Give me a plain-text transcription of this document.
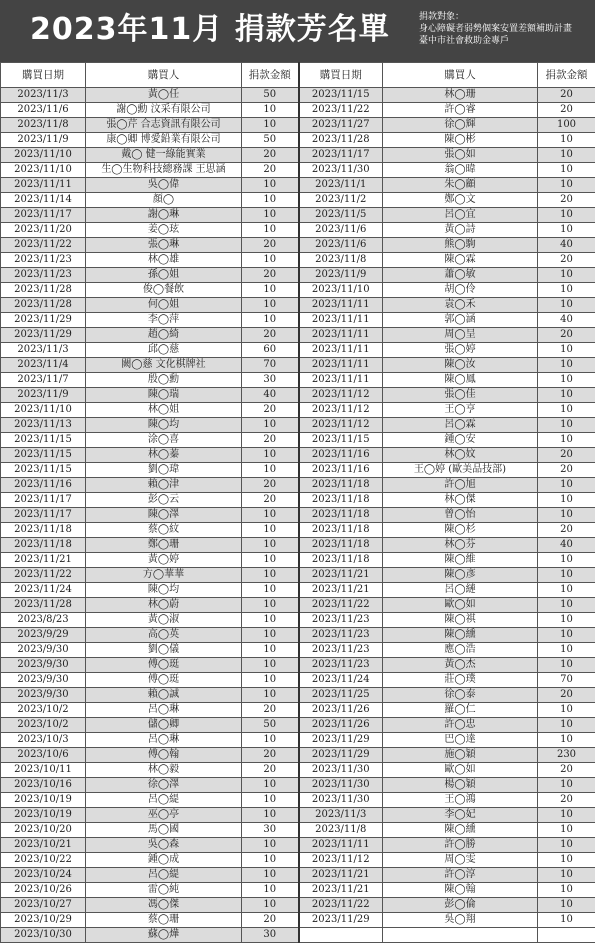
2023年11月 捐款芳名單	捐款對象：
身心障礙者弱勢個案安置差額補助計畫
臺中市社會救助金專戶
購買日期	購買人	捐款金額	購買日期	購買人	捐款金額
2023/11/3	黃◯任	50	2023/11/15	林◯珊	20
2023/11/6	謝◯勳 汶采有限公司	10	2023/11/22	許◯睿	20
2023/11/8	張◯芹 合志資訊有限公司	10	2023/11/27	徐◯輝	100
2023/11/9	康◯卿 博愛鉛業有限公司	50	2023/11/28	陳◯彬	10
2023/11/10	戴◯ 健一綠能實業	20	2023/11/17	張◯如	10
2023/11/10	生◯生物科技總務課 王思涵	20	2023/11/30	翁◯暐	10
2023/11/11	吳◯偉	10	2023/11/1	朱◯顧	10
2023/11/14	顏◯	10	2023/11/2	鄭◯文	20
2023/11/17	謝◯琳	10	2023/11/5	呂◯宜	10
2023/11/20	姜◯玹	10	2023/11/6	黃◯詩	10
2023/11/22	張◯琳	20	2023/11/6	熊◯駒	40
2023/11/23	林◯雄	10	2023/11/8	陳◯霖	20
2023/11/23	孫◯姐	20	2023/11/9	蕭◯敏	10
2023/11/28	俊◯餐飲	10	2023/11/10	胡◯伶	10
2023/11/28	何◯姐	10	2023/11/11	袁◯禾	10
2023/11/29	李◯萍	10	2023/11/11	郭◯涵	40
2023/11/29	趙◯綺	20	2023/11/11	周◯呈	20
2023/11/3	邱◯慈	60	2023/11/11	張◯婷	10
2023/11/4	闕◯慈 文化棋牌社	70	2023/11/11	陳◯汝	10
2023/11/7	殷◯勳	30	2023/11/11	陳◯鳳	10
2023/11/9	陳◯瑞	40	2023/11/12	張◯佳	10
2023/11/10	林◯姐	20	2023/11/12	王◯亨	10
2023/11/13	陳◯均	10	2023/11/12	呂◯霖	10
2023/11/15	涂◯喜	20	2023/11/15	鍾◯安	10
2023/11/15	林◯蓁	10	2023/11/16	林◯妏	20
2023/11/15	劉◯瑋	10	2023/11/16	王◯婷 (歐美品技部)	20
2023/11/16	賴◯津	20	2023/11/18	許◯旭	10
2023/11/17	彭◯云	20	2023/11/18	林◯傑	10
2023/11/17	陳◯澤	10	2023/11/18	曾◯怡	10
2023/11/18	蔡◯紋	10	2023/11/18	陳◯杉	20
2023/11/18	鄭◯珊	10	2023/11/18	林◯芬	40
2023/11/21	黃◯婷	10	2023/11/18	陳◯維	10
2023/11/22	方◯華華	10	2023/11/21	陳◯彥	10
2023/11/24	陳◯均	10	2023/11/21	呂◯縺	10
2023/11/28	林◯蔚	10	2023/11/22	歐◯如	10
2023/8/23	黃◯淑	10	2023/11/23	陳◯祺	10
2023/9/29	高◯英	10	2023/11/23	陳◯纁	10
2023/9/30	劉◯儀	10	2023/11/23	應◯浩	10
2023/9/30	傅◯珽	10	2023/11/23	黃◯杰	10
2023/9/30	傅◯珽	10	2023/11/24	莊◯璞	70
2023/9/30	賴◯誠	10	2023/11/25	徐◯泰	20
2023/10/2	呂◯琳	20	2023/11/26	羅◯仁	10
2023/10/2	儲◯卿	50	2023/11/26	許◯忠	10
2023/10/3	呂◯琳	10	2023/11/29	巴◯達	10
2023/10/6	傅◯翰	20	2023/11/29	施◯穎	230
2023/10/11	林◯毅	20	2023/11/30	歐◯如	20
2023/10/16	徐◯澤	10	2023/11/30	楊◯穎	10
2023/10/19	呂◯緹	10	2023/11/30	王◯鴻	20
2023/10/19	巫◯亭	10	2023/11/3	李◯妃	10
2023/10/20	馬◯國	30	2023/11/8	陳◯纁	10
2023/10/21	吳◯森	10	2023/11/11	許◯勝	10
2023/10/22	鍾◯成	10	2023/11/12	周◯雯	10
2023/10/24	呂◯緹	10	2023/11/21	許◯淳	10
2023/10/26	雷◯純	10	2023/11/21	陳◯翰	10
2023/10/27	馮◯傑	10	2023/11/22	彭◯倫	10
2023/10/29	蔡◯珊	20	2023/11/29	吳◯翔	10
2023/10/30	蘇◯燁	30			
